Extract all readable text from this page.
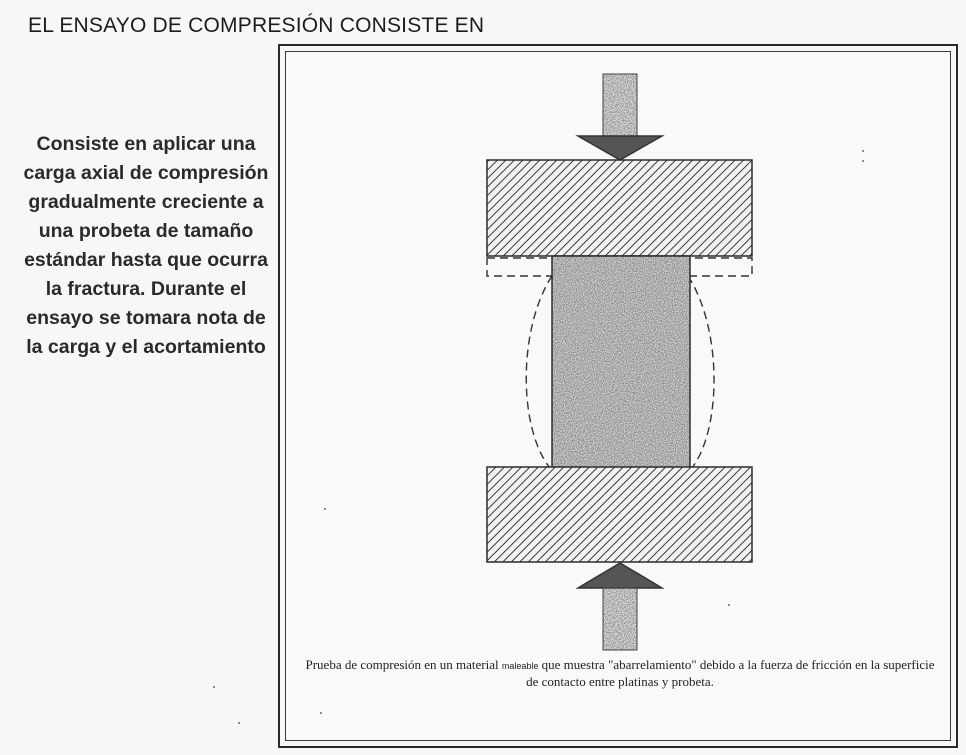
EL ENSAYO DE COMPRESIÓN CONSISTE EN
Consiste en aplicar una carga axial de compresión gradualmente creciente a una probeta de tamaño estándar hasta que ocurra la fractura. Durante el ensayo se tomara nota de la carga y el acortamiento
Prueba de compresión en un material maleable que muestra "abarrelamiento" debido a la fuerza de fricción en la superficie de contacto entre platinas y probeta.
